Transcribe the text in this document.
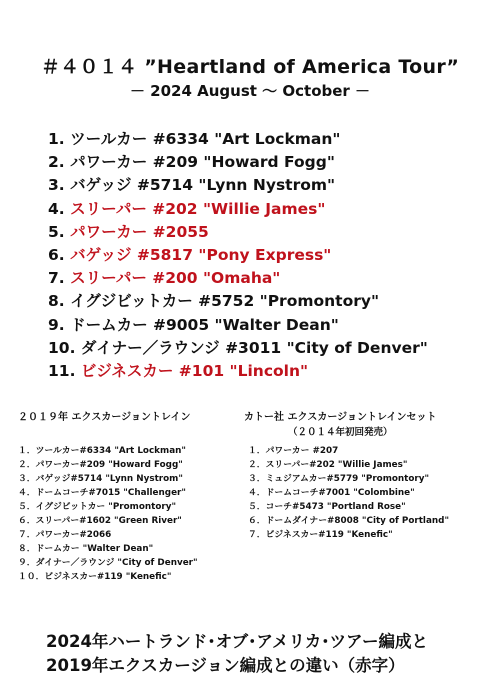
＃４０１４ ”Heartland of America Tour”
－ 2024 August ～ October －
1. ツールカー #6334 "Art Lockman"
2. パワーカー #209 "Howard Fogg"
3. バゲッジ #5714 "Lynn Nystrom"
4. スリーパー #202 "Willie James"
5. パワーカー #2055
6. バゲッジ #5817 "Pony Express"
7. スリーパー #200 "Omaha"
8. イグジビットカー #5752 "Promontory"
9. ドームカー #9005 "Walter Dean"
10. ダイナー／ラウンジ #3011 "City of Denver"
11. ビジネスカー #101 "Lincoln"
２０１９年 エクスカージョントレイン
１．ツールカー#6334 "Art Lockman"
２．パワーカー#209 "Howard Fogg"
３．バゲッジ#5714 "Lynn Nystrom"
４．ドームコーチ#7015 "Challenger"
５．イグジビットカー "Promontory"
６．スリーパー#1602 "Green River"
７．パワーカー#2066
８．ドームカー "Walter Dean"
９．ダイナー／ラウンジ "City of Denver"
１０．ビジネスカー#119 "Kenefic"
カトー社 エクスカージョントレインセット
（２０１４年初回発売）
１．パワーカー #207
２．スリーパー#202 "Willie James"
３．ミュジアムカー#5779 "Promontory"
４．ドームコーチ#7001 "Colombine"
５．コーチ#5473 "Portland Rose"
６．ドームダイナー#8008 "City of Portland"
７．ビジネスカー#119 "Kenefic"
2024年ハートランド･オブ･アメリカ･ツアー編成と
2019年エクスカージョン編成との違い（赤字）
